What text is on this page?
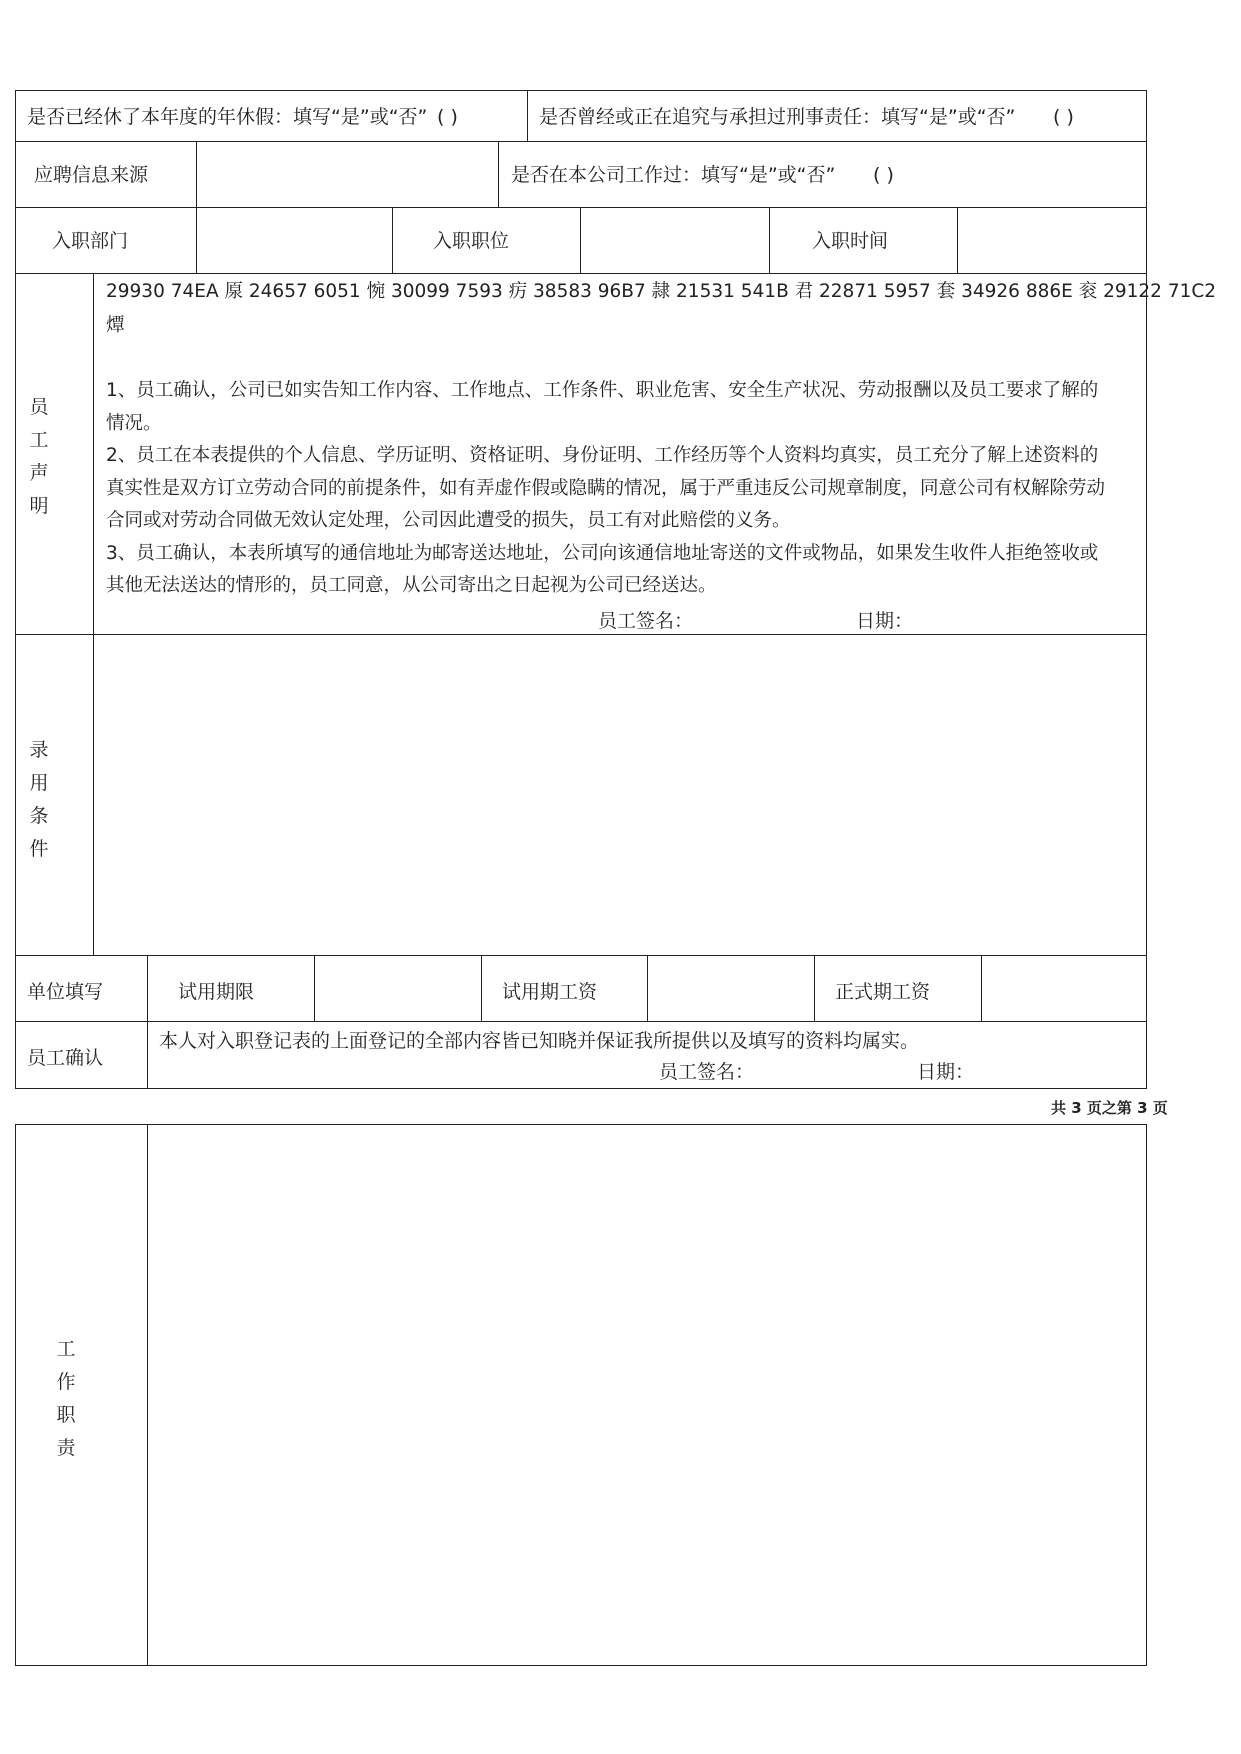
是否已经休了本年度的年休假：填写“是”或“否” ( )	是否曾经或正在追究与承担过刑事责任：填写“是”或“否” ( )
应聘信息来源	是否在本公司工作过：填写“是”或“否” ( )
入职部门	入职职位	入职时间
员工声明
29930 74EA 厡 24657 6051 惋 30099 7593 疠 38583 96B7 隷 21531 541B 君 22871 5957 套 34926 886E 衮 29122 71C2
燂

1、员工确认，公司已如实告知工作内容、工作地点、工作条件、职业危害、安全生产状况、劳动报酬以及员工要求了解的情况。

2、员工在本表提供的个人信息、学历证明、资格证明、身份证明、工作经历等个人资料均真实，员工充分了解上述资料的真实性是双方订立劳动合同的前提条件，如有弄虚作假或隐瞒的情况，属于严重违反公司规章制度，同意公司有权解除劳动合同或对劳动合同做无效认定处理，公司因此遭受的损失，员工有对此赔偿的义务。

3、员工确认，本表所填写的通信地址为邮寄送达地址，公司向该通信地址寄送的文件或物品，如果发生收件人拒绝签收或其他无法送达的情形的，员工同意，从公司寄出之日起视为公司已经送达。

员工签名：	日期：
录用条件
单位填写	试用期限	试用期工资	正式期工资
员工确认
本人对入职登记表的上面登记的全部内容皆已知晓并保证我所提供以及填写的资料均属实。
员工签名：	日期：
共 3 页之第 3 页
工作职责
